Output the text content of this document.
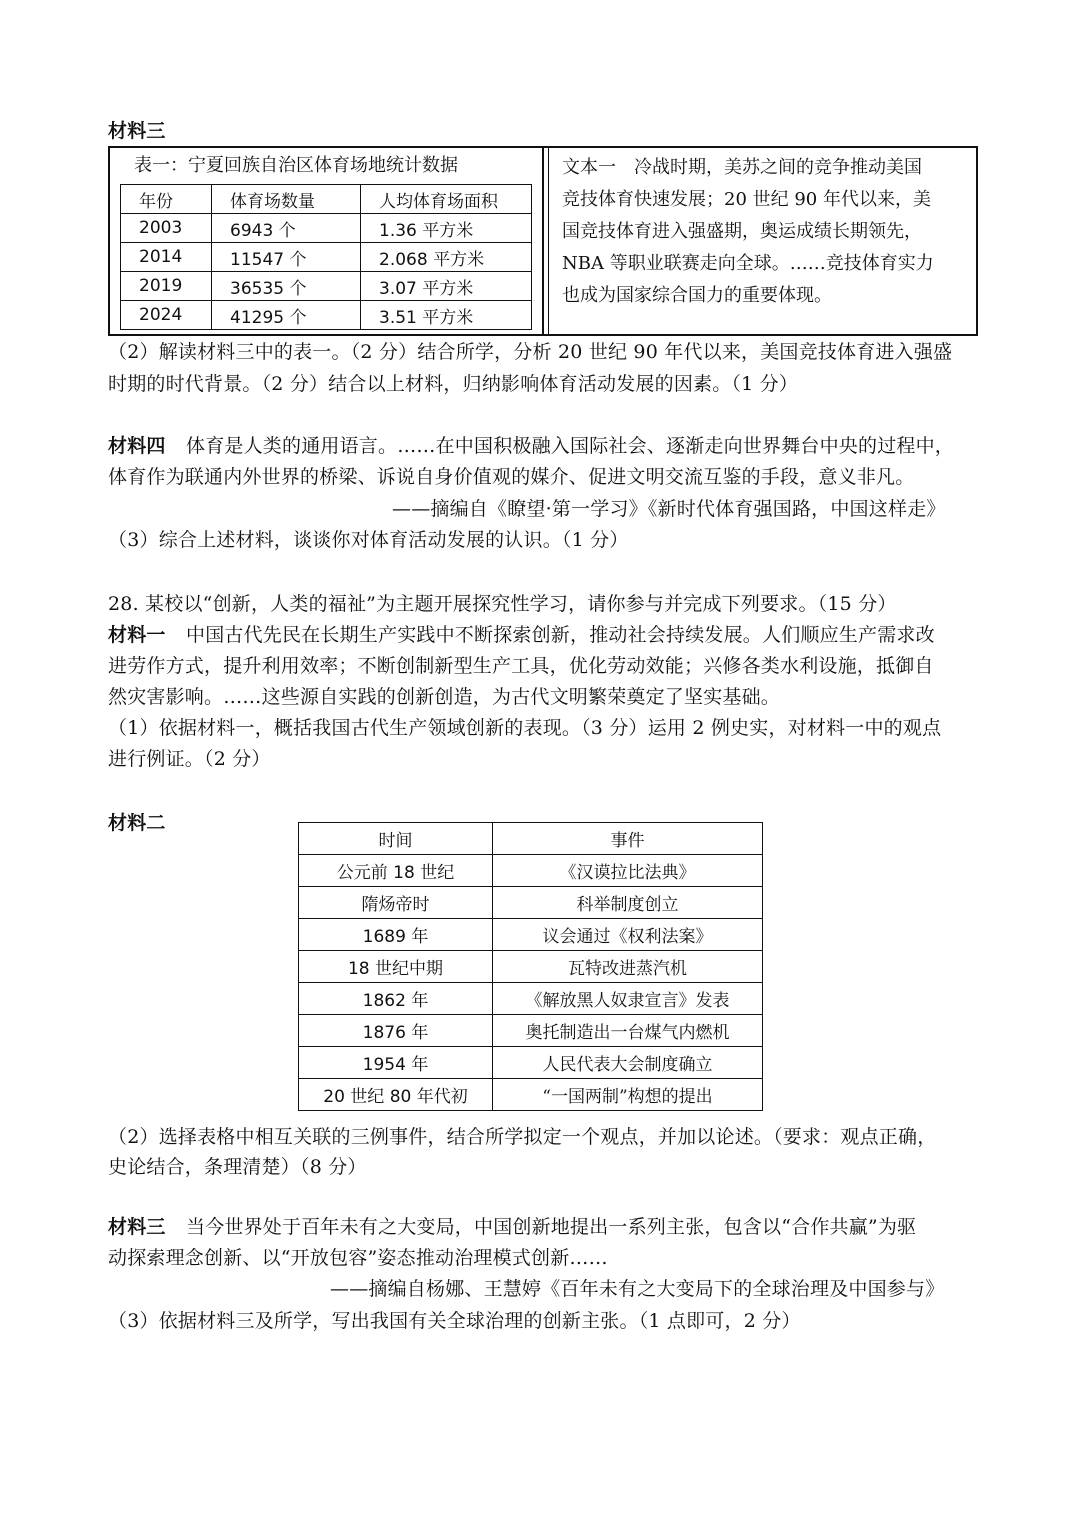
材料三
表一：宁夏回族自治区体育场地统计数据
年份	体育场数量	人均体育场面积
2003	6943 个	1.36 平方米
2014	11547 个	2.068 平方米
2019	36535 个	3.07 平方米
2024	41295 个	3.51 平方米
文本一　冷战时期，美苏之间的竞争推动美国
竞技体育快速发展；20 世纪 90 年代以来，美
国竞技体育进入强盛期，奥运成绩长期领先，
NBA 等职业联赛走向全球。……竞技体育实力
也成为国家综合国力的重要体现。
（2）解读材料三中的表一。（2 分）结合所学，分析 20 世纪 90 年代以来，美国竞技体育进入强盛
时期的时代背景。（2 分）结合以上材料，归纳影响体育活动发展的因素。（1 分）
材料四 体育是人类的通用语言。……在中国积极融入国际社会、逐渐走向世界舞台中央的过程中，
体育作为联通内外世界的桥梁、诉说自身价值观的媒介、促进文明交流互鉴的手段，意义非凡。
——摘编自《瞭望·第一学习》《新时代体育强国路，中国这样走》
（3）综合上述材料，谈谈你对体育活动发展的认识。（1 分）
28. 某校以“创新，人类的福祉”为主题开展探究性学习，请你参与并完成下列要求。（15 分）
材料一 中国古代先民在长期生产实践中不断探索创新，推动社会持续发展。人们顺应生产需求改
进劳作方式，提升利用效率；不断创制新型生产工具，优化劳动效能；兴修各类水利设施，抵御自
然灾害影响。……这些源自实践的创新创造，为古代文明繁荣奠定了坚实基础。
（1）依据材料一，概括我国古代生产领域创新的表现。（3 分）运用 2 例史实，对材料一中的观点
进行例证。（2 分）
材料二
时间	事件
公元前 18 世纪	《汉谟拉比法典》
隋炀帝时	科举制度创立
1689 年	议会通过《权利法案》
18 世纪中期	瓦特改进蒸汽机
1862 年	《解放黑人奴隶宣言》发表
1876 年	奥托制造出一台煤气内燃机
1954 年	人民代表大会制度确立
20 世纪 80 年代初	“一国两制”构想的提出
（2）选择表格中相互关联的三例事件，结合所学拟定一个观点，并加以论述。（要求：观点正确，
史论结合，条理清楚）（8 分）
材料三 当今世界处于百年未有之大变局，中国创新地提出一系列主张，包含以“合作共赢”为驱
动探索理念创新、以“开放包容”姿态推动治理模式创新……
——摘编自杨娜、王慧婷《百年未有之大变局下的全球治理及中国参与》
（3）依据材料三及所学，写出我国有关全球治理的创新主张。（1 点即可，2 分）
